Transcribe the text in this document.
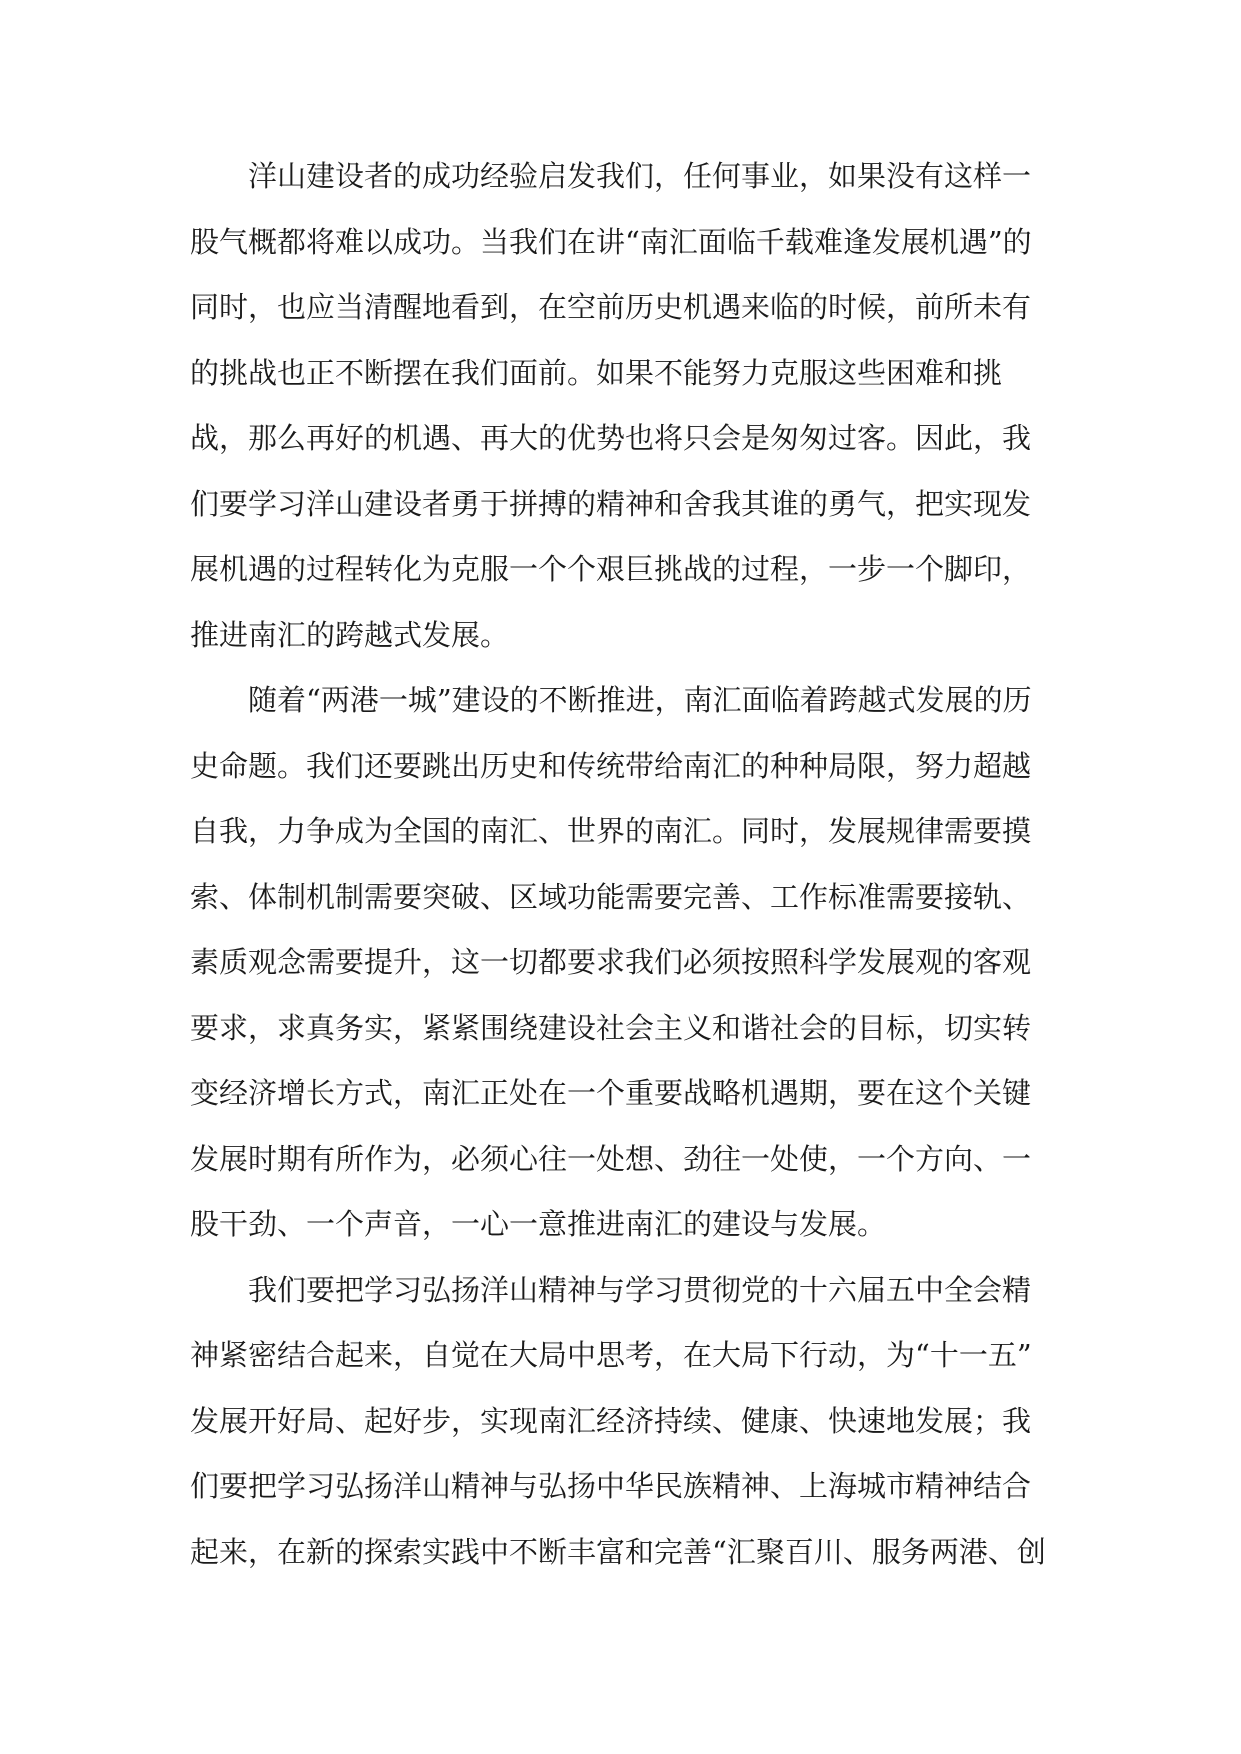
洋山建设者的成功经验启发我们，任何事业，如果没有这样一
股气概都将难以成功。当我们在讲“南汇面临千载难逢发展机遇”的
同时，也应当清醒地看到，在空前历史机遇来临的时候，前所未有
的挑战也正不断摆在我们面前。如果不能努力克服这些困难和挑
战，那么再好的机遇、再大的优势也将只会是匆匆过客。因此，我
们要学习洋山建设者勇于拼搏的精神和舍我其谁的勇气，把实现发
展机遇的过程转化为克服一个个艰巨挑战的过程，一步一个脚印，
推进南汇的跨越式发展。

随着“两港一城”建设的不断推进，南汇面临着跨越式发展的历
史命题。我们还要跳出历史和传统带给南汇的种种局限，努力超越
自我，力争成为全国的南汇、世界的南汇。同时，发展规律需要摸
索、体制机制需要突破、区域功能需要完善、工作标准需要接轨、
素质观念需要提升，这一切都要求我们必须按照科学发展观的客观
要求，求真务实，紧紧围绕建设社会主义和谐社会的目标，切实转
变经济增长方式，南汇正处在一个重要战略机遇期，要在这个关键
发展时期有所作为，必须心往一处想、劲往一处使，一个方向、一
股干劲、一个声音，一心一意推进南汇的建设与发展。

我们要把学习弘扬洋山精神与学习贯彻党的十六届五中全会精
神紧密结合起来，自觉在大局中思考，在大局下行动，为“十一五”
发展开好局、起好步，实现南汇经济持续、健康、快速地发展；我
们要把学习弘扬洋山精神与弘扬中华民族精神、上海城市精神结合
起来，在新的探索实践中不断丰富和完善“汇聚百川、服务两港、创
